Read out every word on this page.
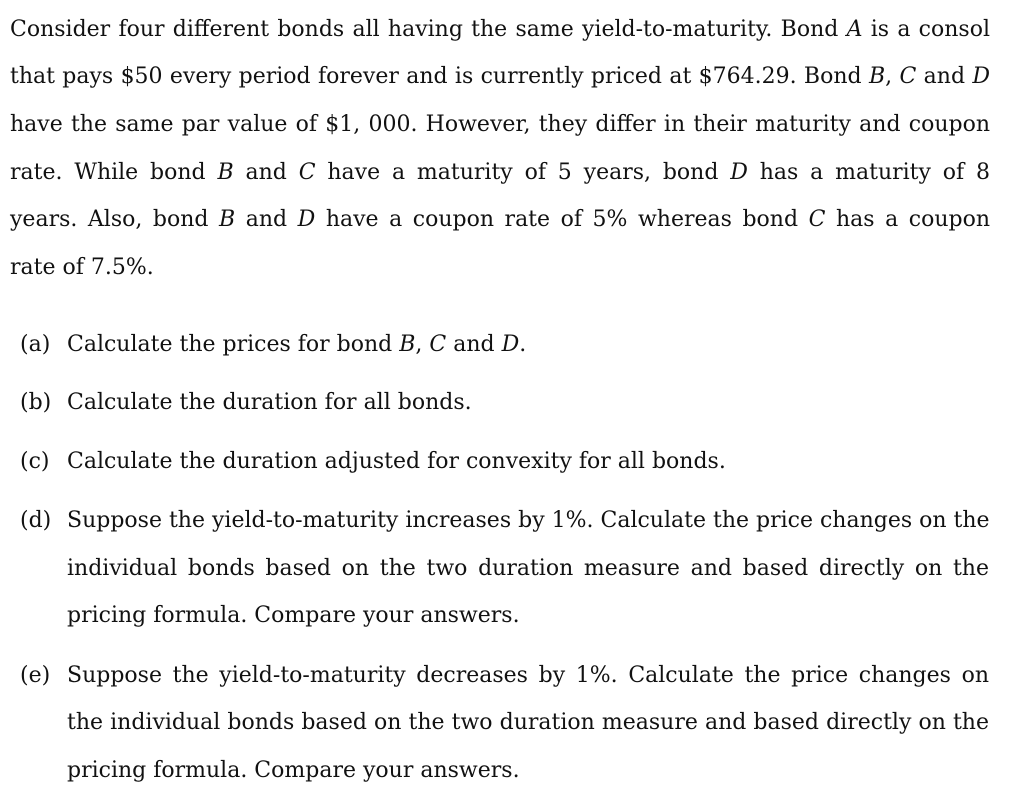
Consider four different bonds all having the same yield-to-maturity. Bond A is a consol
that pays $50 every period forever and is currently priced at $764.29. Bond B, C and D
have the same par value of $1, 000. However, they differ in their maturity and coupon
rate. While bond B and C have a maturity of 5 years, bond D has a maturity of 8
years. Also, bond B and D have a coupon rate of 5% whereas bond C has a coupon
rate of 7.5%.
(a) Calculate the prices for bond B, C and D.
(b) Calculate the duration for all bonds.
(c) Calculate the duration adjusted for convexity for all bonds.
(d) Suppose the yield-to-maturity increases by 1%. Calculate the price changes on the
individual bonds based on the two duration measure and based directly on the
pricing formula. Compare your answers.
(e) Suppose the yield-to-maturity decreases by 1%. Calculate the price changes on
the individual bonds based on the two duration measure and based directly on the
pricing formula. Compare your answers.
